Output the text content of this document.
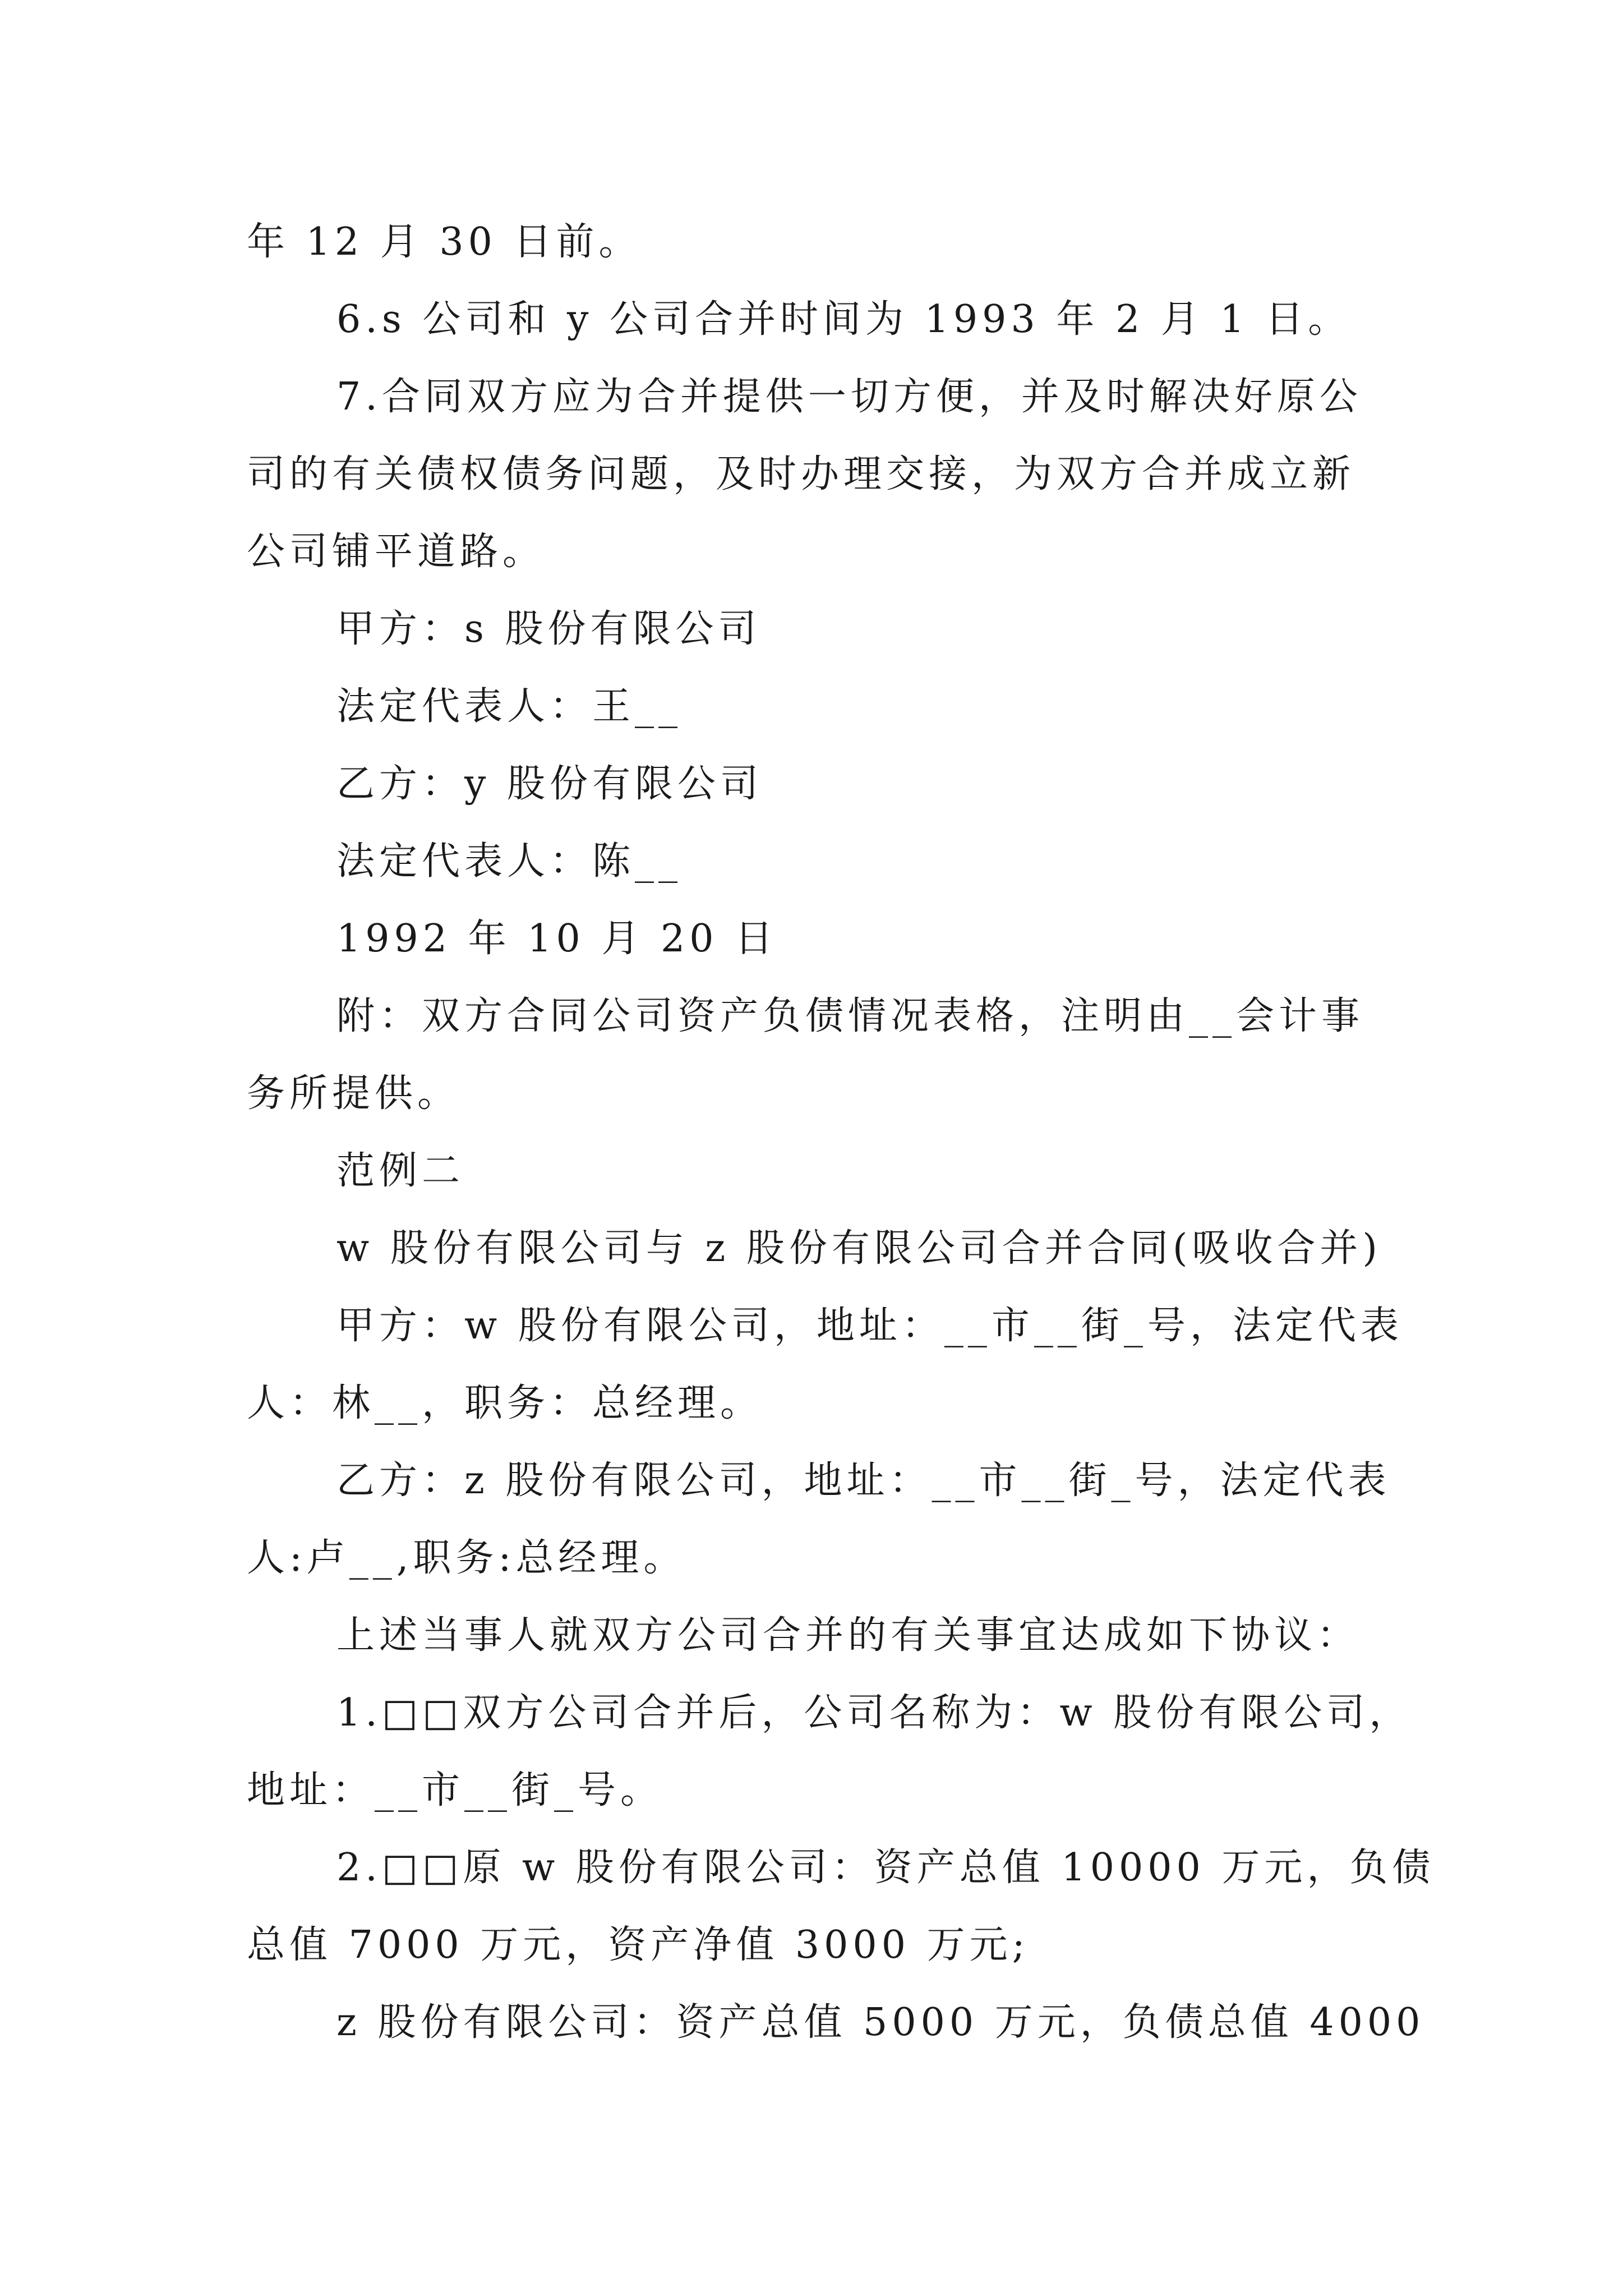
年 12 月 30 日前。
6.s 公司和 y 公司合并时间为 1993 年 2 月 1 日。
7.合同双方应为合并提供一切方便，并及时解决好原公
司的有关债权债务问题，及时办理交接，为双方合并成立新
公司铺平道路。
甲方：s 股份有限公司
法定代表人：王__
乙方：y 股份有限公司
法定代表人：陈__
1992 年 10 月 20 日
附：双方合同公司资产负债情况表格，注明由__会计事
务所提供。
范例二
w 股份有限公司与 z 股份有限公司合并合同(吸收合并)
甲方：w 股份有限公司，地址：__市__街_号，法定代表
人：林__，职务：总经理。
乙方：z 股份有限公司，地址：__市__街_号，法定代表
人:卢__,职务:总经理。
上述当事人就双方公司合并的有关事宜达成如下协议：
1.□□双方公司合并后，公司名称为：w 股份有限公司，
地址：__市__街_号。
2.□□原 w 股份有限公司：资产总值 10000 万元，负债
总值 7000 万元，资产净值 3000 万元;
z 股份有限公司：资产总值 5000 万元，负债总值 4000
